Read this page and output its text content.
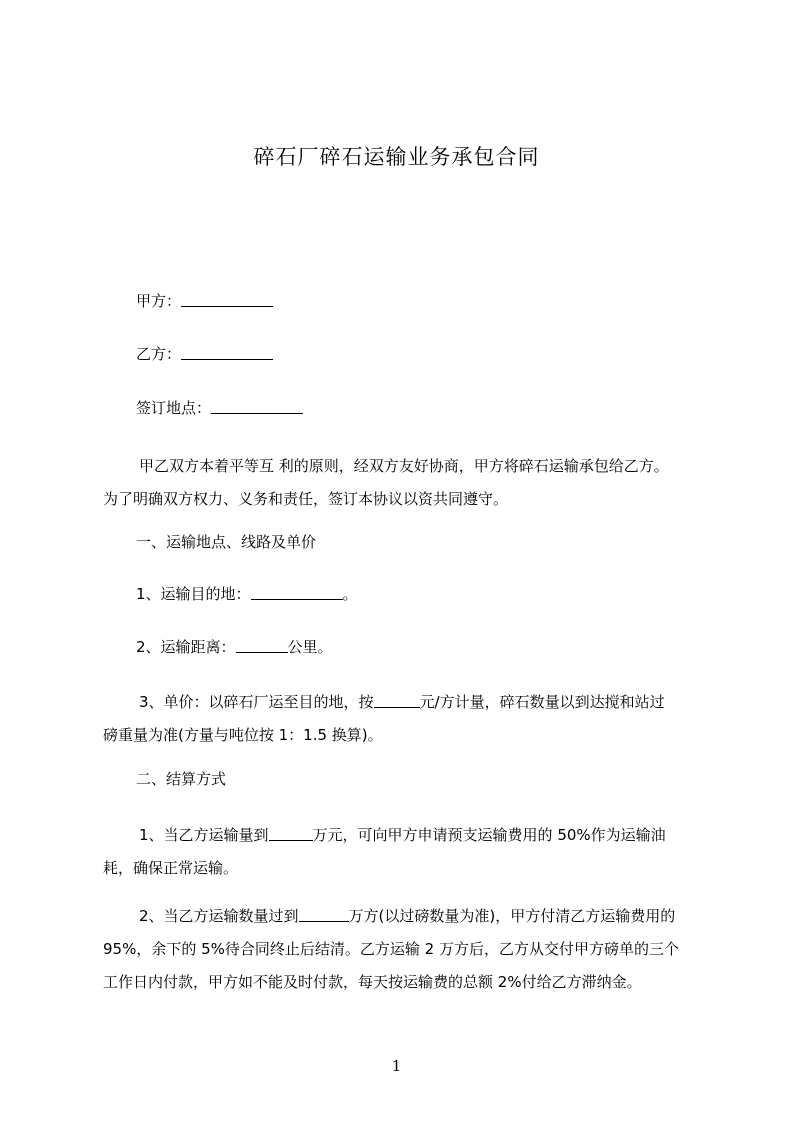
碎石厂碎石运输业务承包合同
甲方：
乙方：
签订地点：
甲乙双方本着平等互 利的原则，经双方友好协商，甲方将碎石运输承包给乙方。
为了明确双方权力、义务和责任，签订本协议以资共同遵守。
一、运输地点、线路及单价
1、运输目的地：	。
2、运输距离：	公里。
3、单价：以碎石厂运至目的地，按	元/方计量，碎石数量以到达搅和站过
磅重量为准(方量与吨位按 1：1.5 换算)。
二、结算方式
1、当乙方运输量到	万元，可向甲方申请预支运输费用的 50%作为运输油
耗，确保正常运输。
2、当乙方运输数量过到	万方(以过磅数量为准)，甲方付清乙方运输费用的
95%，余下的 5%待合同终止后结清。乙方运输 2 万方后，乙方从交付甲方磅单的三个
工作日内付款，甲方如不能及时付款，每天按运输费的总额 2%付给乙方滞纳金。
1
